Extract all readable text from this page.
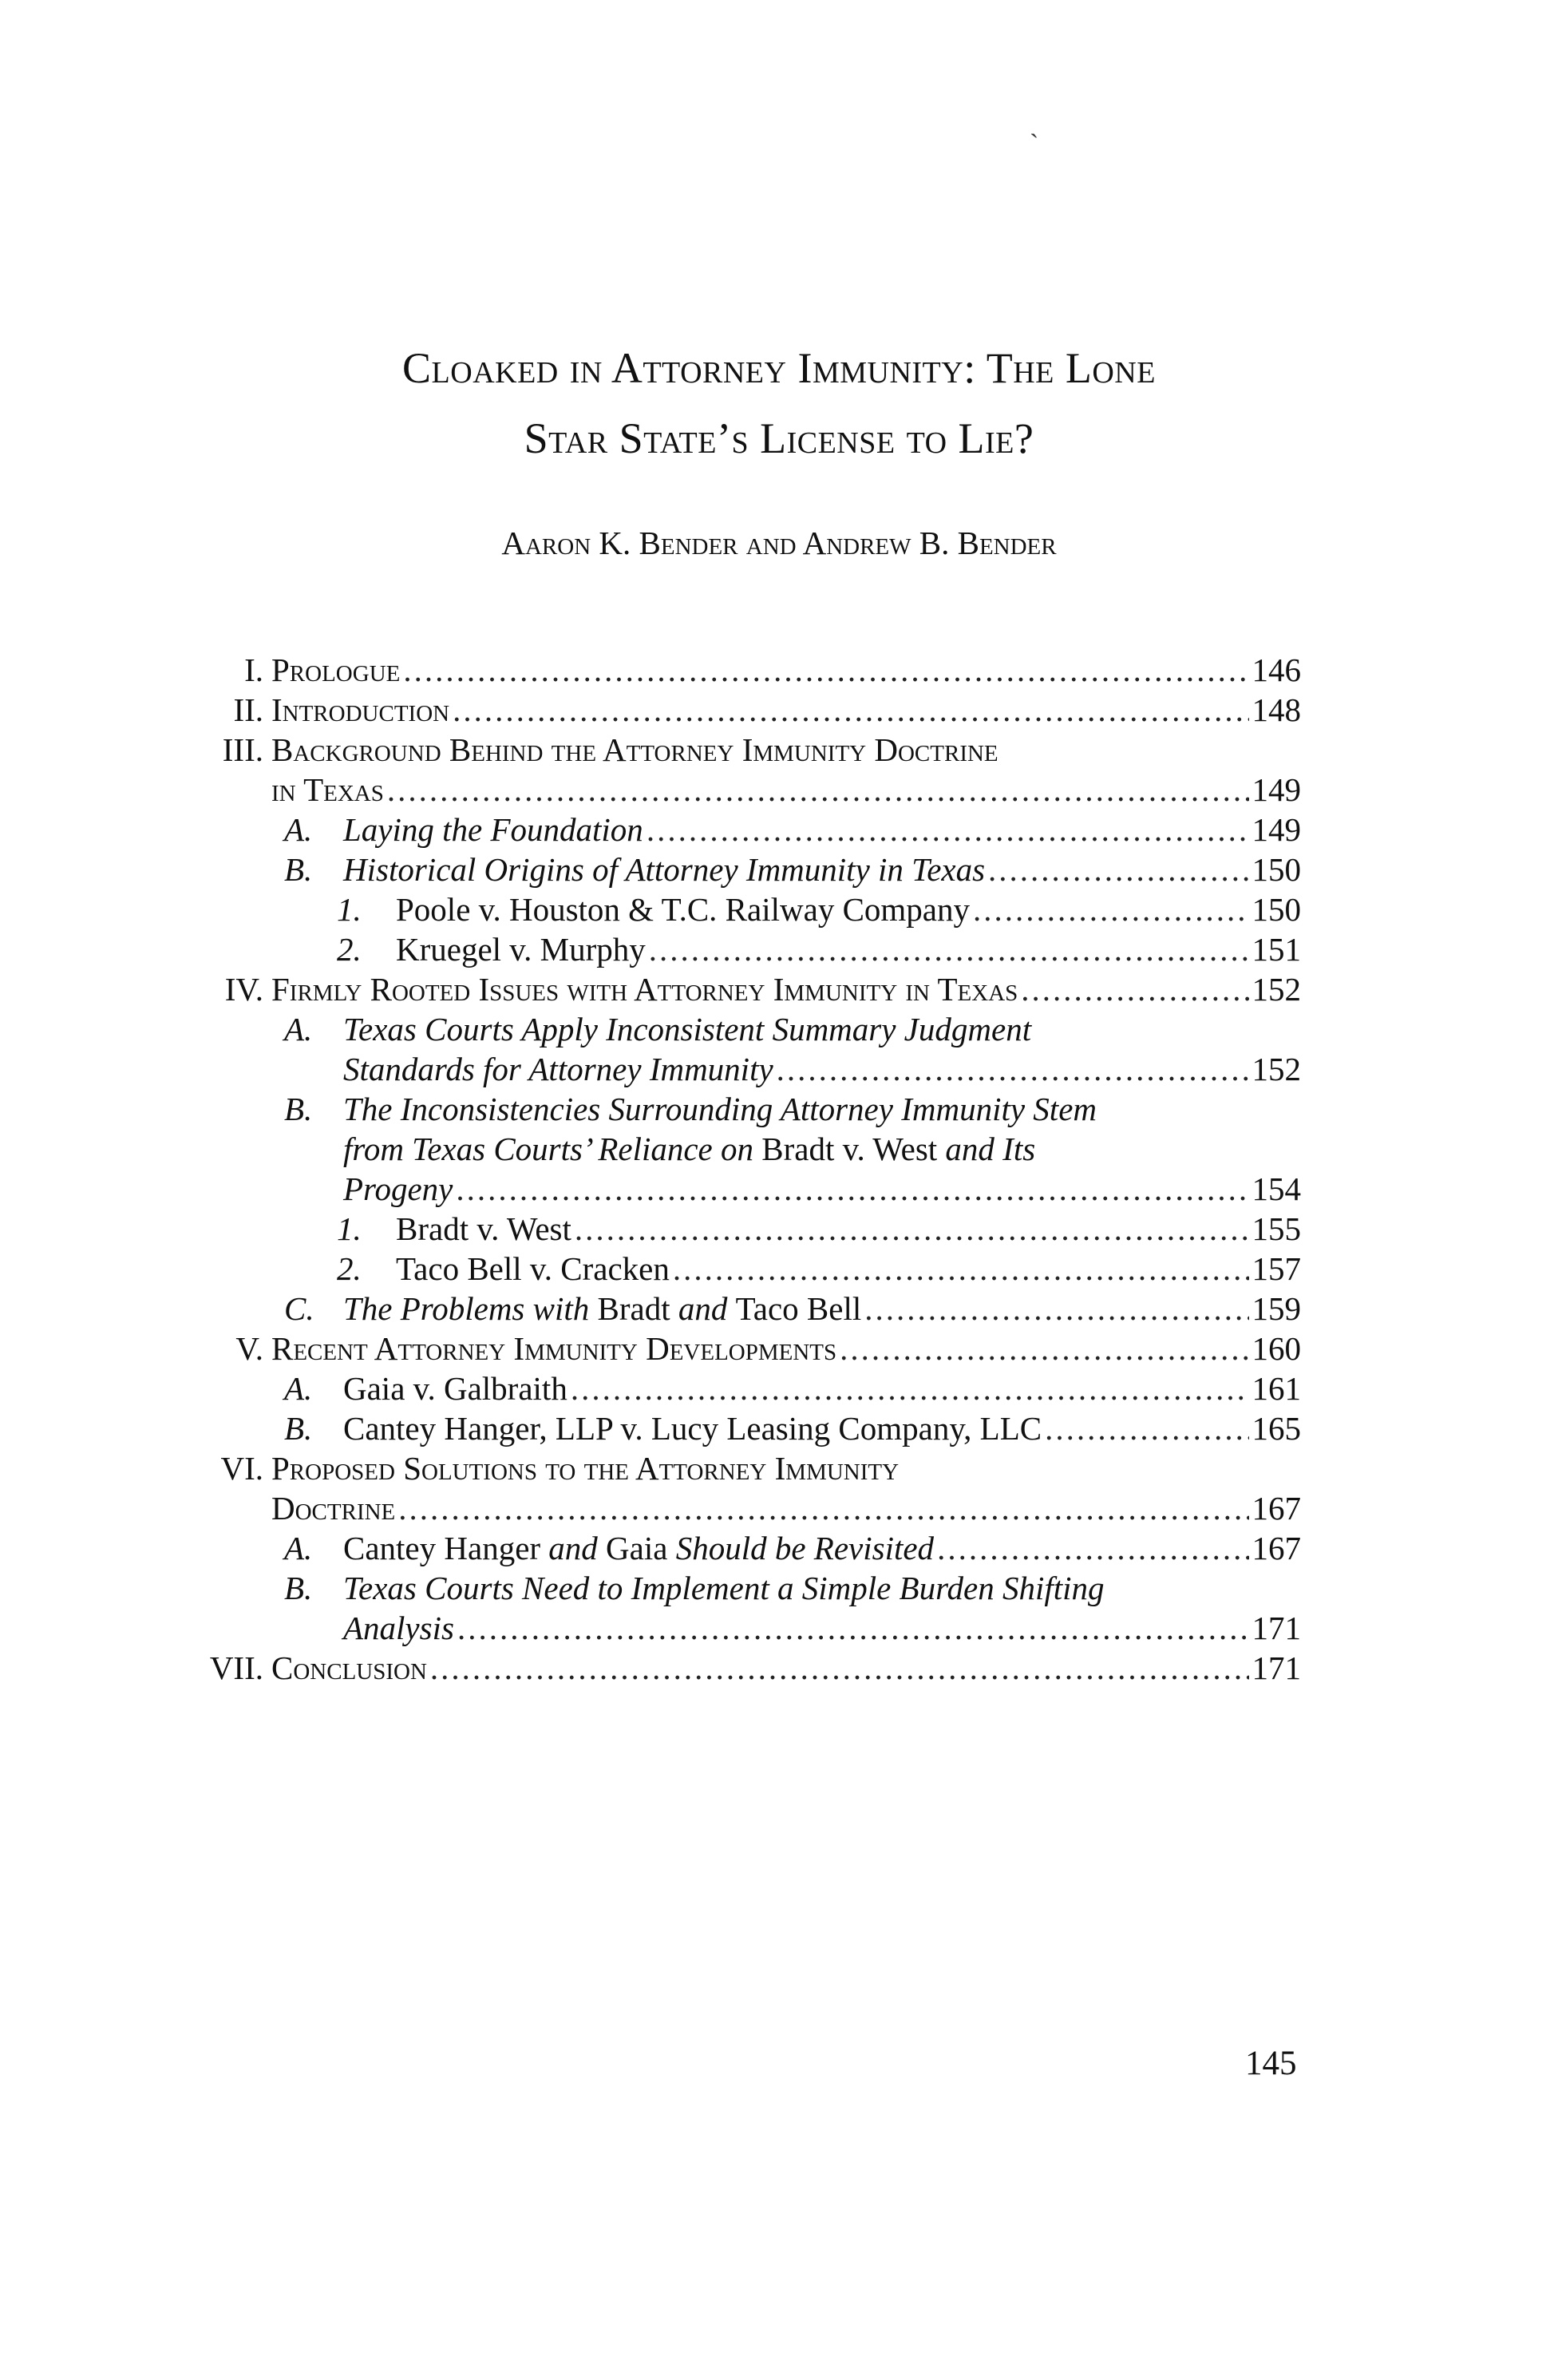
ˏ
Cloaked in Attorney Immunity: The Lone
Star State’s License to Lie?
Aaron K. Bender and Andrew B. Bender
I. Prologue .....	146
II. Introduction .....	148
III. Background Behind the Attorney Immunity Doctrine
in Texas .....	149
A. Laying the Foundation .....	149
B. Historical Origins of Attorney Immunity in Texas .....	150
1. Poole v. Houston & T.C. Railway Company .....	150
2. Kruegel v. Murphy .....	151
IV. Firmly Rooted Issues with Attorney Immunity in Texas .....	152
A. Texas Courts Apply Inconsistent Summary Judgment
Standards for Attorney Immunity .....	152
B. The Inconsistencies Surrounding Attorney Immunity Stem
from Texas Courts’ Reliance on
Bradt v. West
and Its
Progeny .....	154
1. Bradt v. West .....	155
2. Taco Bell v. Cracken .....	157
C. The Problems with
Bradt
and
Taco Bell .....	159
V. Recent Attorney Immunity Developments .....	160
A. Gaia v. Galbraith .....	161
B. Cantey Hanger, LLP v. Lucy Leasing Company, LLC .....	165
VI. Proposed Solutions to the Attorney Immunity
Doctrine .....	167
A. Cantey Hanger
and
Gaia
Should be Revisited .....	167
B. Texas Courts Need to Implement a Simple Burden Shifting
Analysis .....	171
VII. Conclusion .....	171
145
